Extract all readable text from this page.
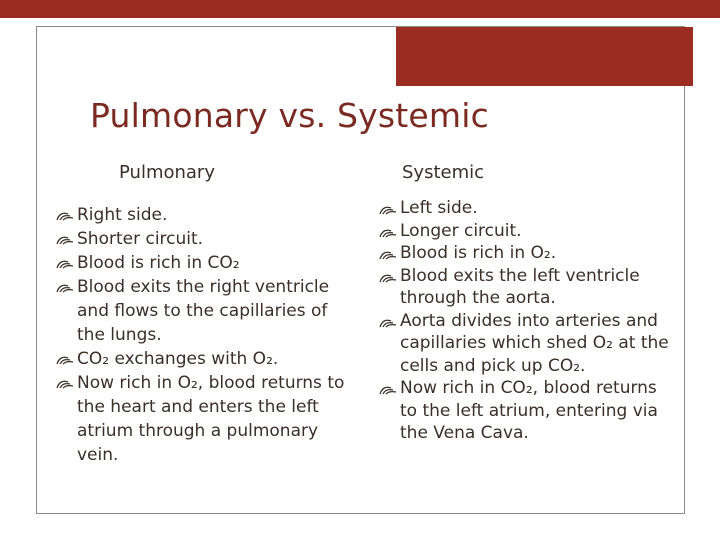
Pulmonary vs. Systemic
Pulmonary	Systemic
Right side.
Shorter circuit.
Blood is rich in CO₂
Blood exits the right ventricle and flows to the capillaries of the lungs.
CO₂ exchanges with O₂.
Now rich in O₂, blood returns to the heart and enters the left atrium through a pulmonary vein.
Left side.
Longer circuit.
Blood is rich in O₂.
Blood exits the left ventricle through the aorta.
Aorta divides into arteries and capillaries which shed O₂ at the cells and pick up CO₂.
Now rich in CO₂, blood returns to the left atrium, entering via the Vena Cava.
